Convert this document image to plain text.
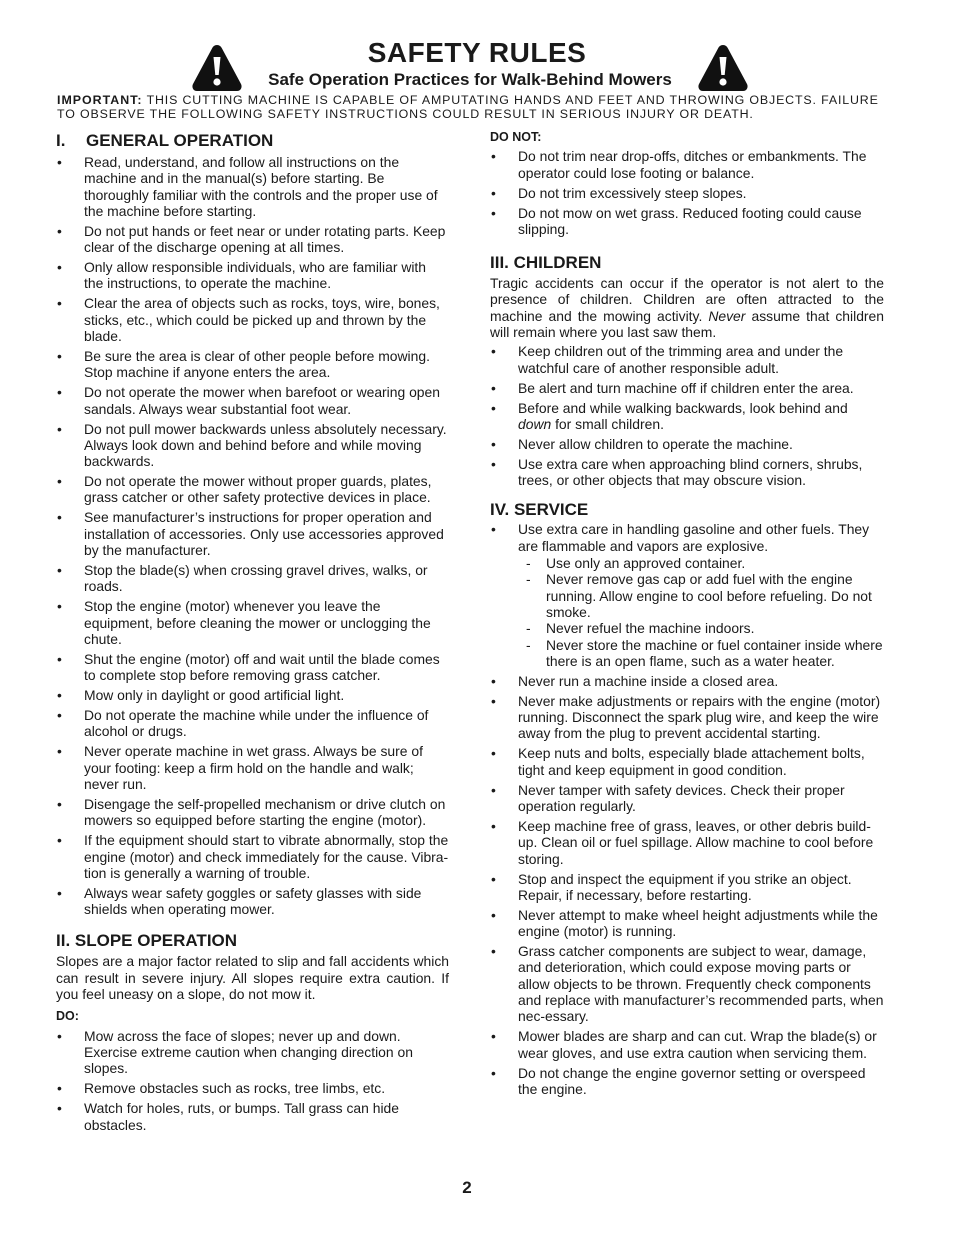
SAFETY RULES
Safe Operation Practices for Walk-Behind Mowers
IMPORTANT: THIS CUTTING MACHINE IS CAPABLE OF AMPUTATING HANDS AND FEET AND THROWING OBJECTS. FAILURE TO OBSERVE THE FOLLOWING SAFETY INSTRUCTIONS COULD RESULT IN SERIOUS INJURY OR DEATH.
I. GENERAL OPERATION
• Read, understand, and follow all instructions on the machine and in the manual(s) before starting. Be thoroughly familiar with the controls and the proper use of the machine before starting.
• Do not put hands or feet near or under rotating parts. Keep clear of the discharge opening at all times.
• Only allow responsible individuals, who are familiar with the instructions, to operate the machine.
• Clear the area of objects such as rocks, toys, wire, bones, sticks, etc., which could be picked up and thrown by the blade.
• Be sure the area is clear of other people before mowing. Stop machine if anyone enters the area.
• Do not operate the mower when barefoot or wearing open sandals. Always wear substantial foot wear.
• Do not pull mower backwards unless absolutely necessary. Always look down and behind before and while moving backwards.
• Do not operate the mower without proper guards, plates, grass catcher or other safety protective devices in place.
• See manufacturer’s instructions for proper operation and installation of accessories. Only use accessories approved by the manufacturer.
• Stop the blade(s) when crossing gravel drives, walks, or roads.
• Stop the engine (motor) whenever you leave the equipment, before cleaning the mower or unclogging the chute.
• Shut the engine (motor) off and wait until the blade comes to complete stop before removing grass catcher.
• Mow only in daylight or good artificial light.
• Do not operate the machine while under the influence of alcohol or drugs.
• Never operate machine in wet grass. Always be sure of your footing: keep a firm hold on the handle and walk; never run.
• Disengage the self-propelled mechanism or drive clutch on mowers so equipped before starting the engine (motor).
• If the equipment should start to vibrate abnormally, stop the engine (motor) and check immediately for the cause. Vibra-tion is generally a warning of trouble.
• Always wear safety goggles or safety glasses with side shields when operating mower.
II. SLOPE OPERATION

Slopes are a major factor related to slip and fall accidents which can result in severe injury. All slopes require extra caution. If you feel uneasy on a slope, do not mow it.

DO:
• Mow across the face of slopes; never up and down. Exercise extreme caution when changing direction on slopes.
• Remove obstacles such as rocks, tree limbs, etc.
• Watch for holes, ruts, or bumps. Tall grass can hide obstacles.
DO NOT:
• Do not trim near drop-offs, ditches or embankments. The operator could lose footing or balance.
• Do not trim excessively steep slopes.
• Do not mow on wet grass. Reduced footing could cause slipping.
III. CHILDREN

Tragic accidents can occur if the operator is not alert to the presence of children. Children are often attracted to the machine and the mowing activity. Never assume that children will remain where you last saw them.

• Keep children out of the trimming area and under the watchful care of another responsible adult.
• Be alert and turn machine off if children enter the area.
• Before and while walking backwards, look behind and down for small children.
• Never allow children to operate the machine.
• Use extra care when approaching blind corners, shrubs, trees, or other objects that may obscure vision.
IV. SERVICE
• Use extra care in handling gasoline and other fuels. They are flammable and vapors are explosive.
- Use only an approved container.
- Never remove gas cap or add fuel with the engine running. Allow engine to cool before refueling. Do not smoke.
- Never refuel the machine indoors.
- Never store the machine or fuel container inside where there is an open flame, such as a water heater.
• Never run a machine inside a closed area.
• Never make adjustments or repairs with the engine (motor) running. Disconnect the spark plug wire, and keep the wire away from the plug to prevent accidental starting.
• Keep nuts and bolts, especially blade attachement bolts, tight and keep equipment in good condition.
• Never tamper with safety devices. Check their proper operation regularly.
• Keep machine free of grass, leaves, or other debris build-up. Clean oil or fuel spillage. Allow machine to cool before storing.
• Stop and inspect the equipment if you strike an object. Repair, if necessary, before restarting.
• Never attempt to make wheel height adjustments while the engine (motor) is running.
• Grass catcher components are subject to wear, damage, and deterioration, which could expose moving parts or allow objects to be thrown. Frequently check components and replace with manufacturer’s recommended parts, when nec-essary.
• Mower blades are sharp and can cut. Wrap the blade(s) or wear gloves, and use extra caution when servicing them.
• Do not change the engine governor setting or overspeed the engine.
2
